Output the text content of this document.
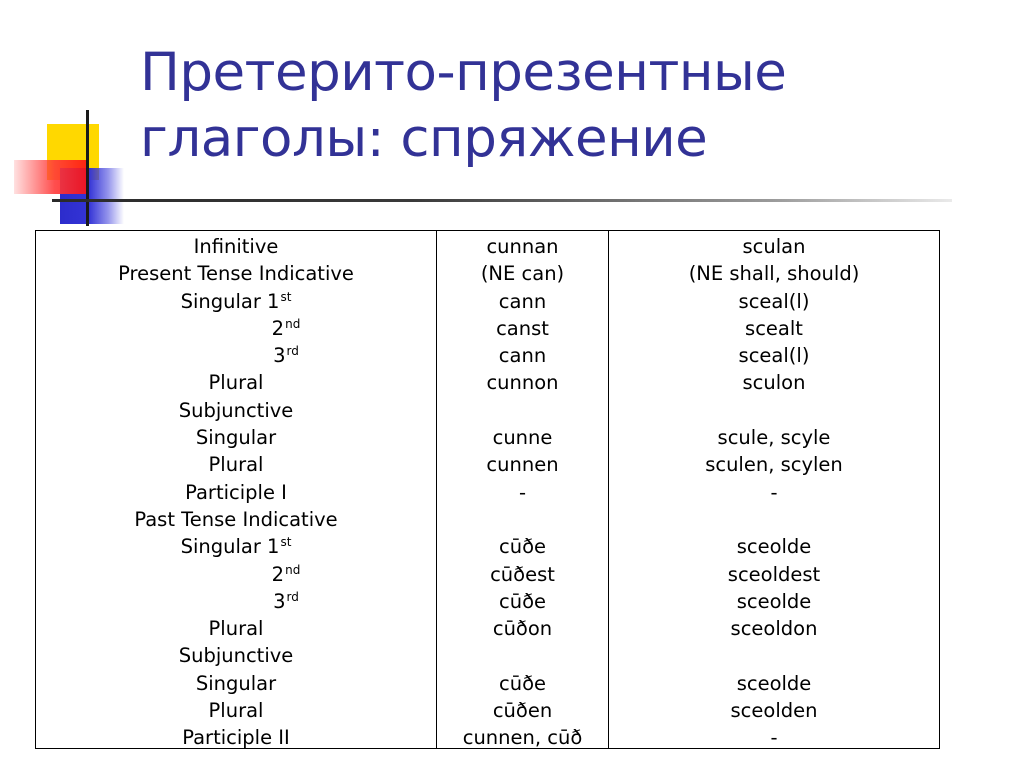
Претерито-презентные
глаголы: спряжение
Infinitive
Present Tense Indicative
Singular 1st
2nd
3rd
Plural
Subjunctive
Singular
Plural
Participle I
Past Tense Indicative
Singular 1st
2nd
3rd
Plural
Subjunctive
Singular
Plural
Participle II
cunnan
(NE can)
cann
canst
cann
cunnon
cunne
cunnen
-
cūðe
cūðest
cūðe
cūðon
cūðe
cūðen
cunnen, cūð
sculan
(NE shall, should)
sceal(l)
scealt
sceal(l)
sculon
scule, scyle
sculen, scylen
-
sceolde
sceoldest
sceolde
sceoldon
sceolde
sceolden
-
